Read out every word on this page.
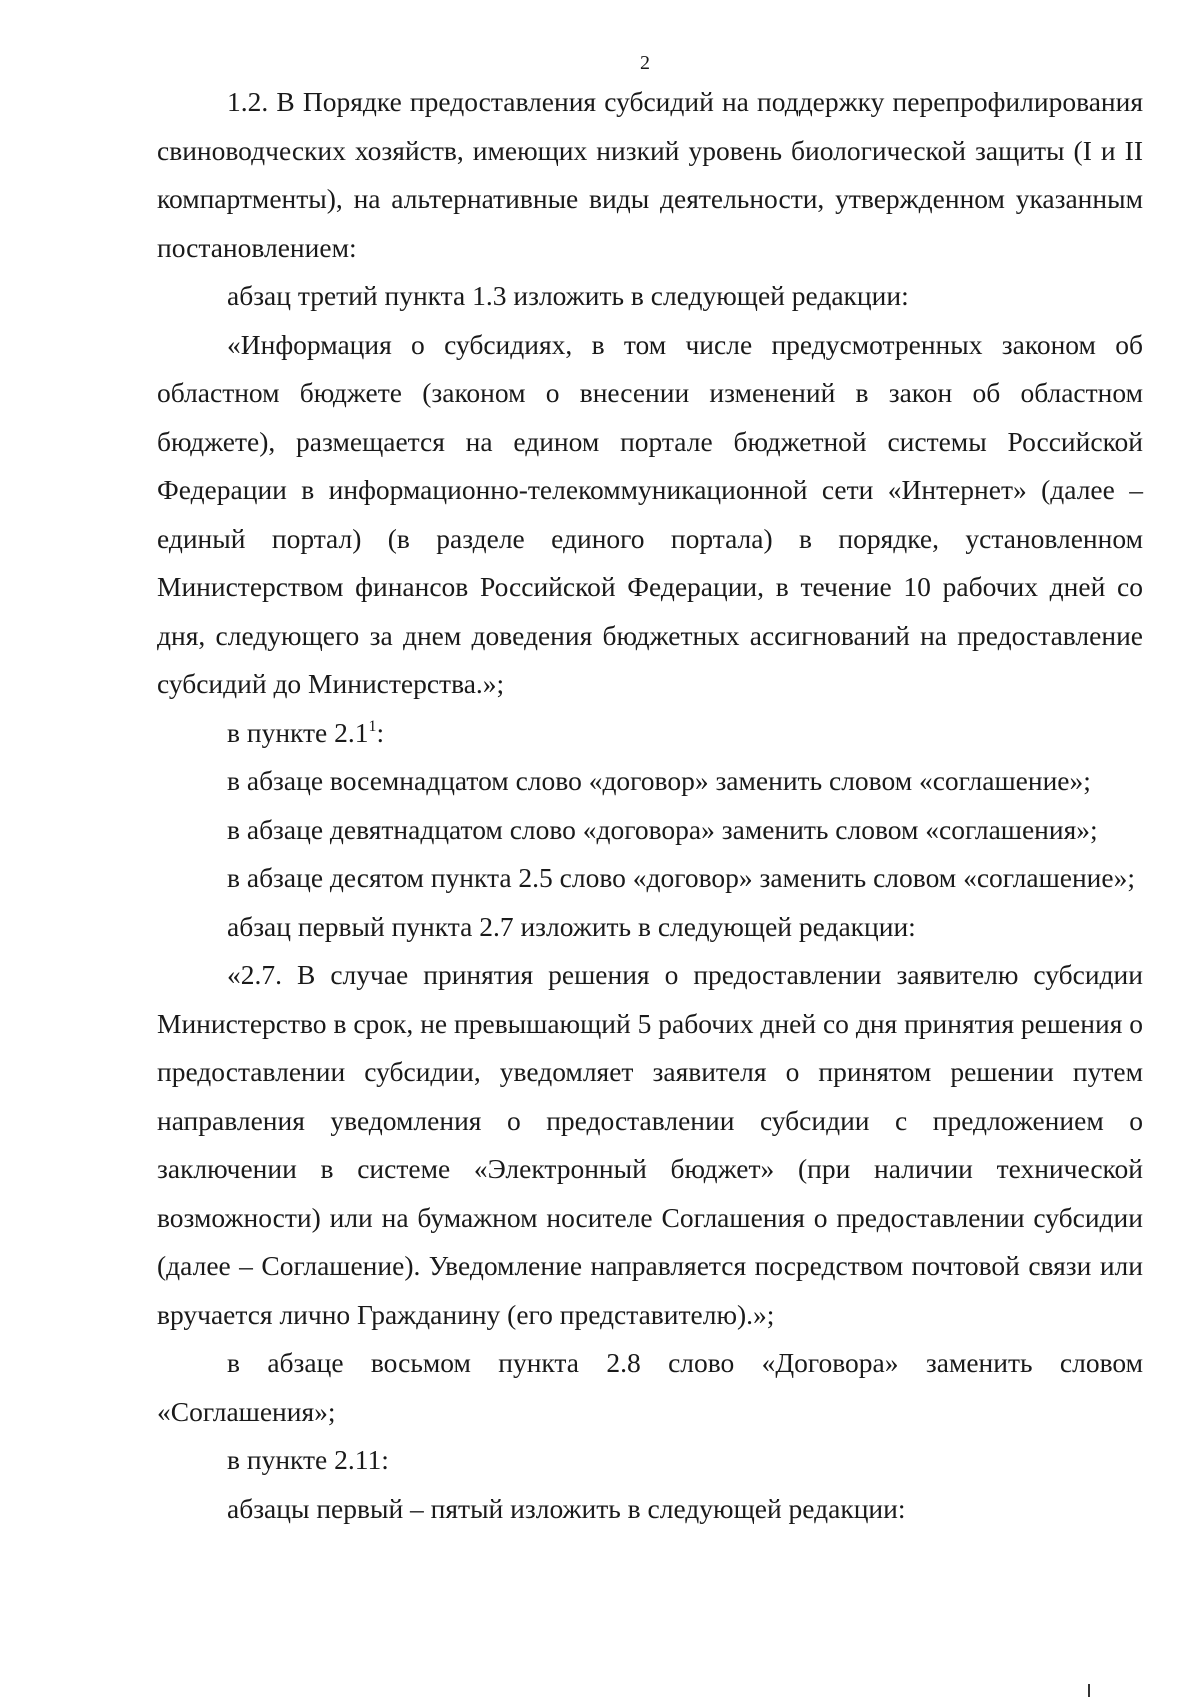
2

1.2. В Порядке предоставления субсидий на поддержку перепрофилирования свиноводческих хозяйств, имеющих низкий уровень биологической защиты (I и II компартменты), на альтернативные виды деятельности, утвержденном указанным постановлением:

абзац третий пункта 1.3 изложить в следующей редакции:

«Информация о субсидиях, в том числе предусмотренных законом об областном бюджете (законом о внесении изменений в закон об областном бюджете), размещается на едином портале бюджетной системы Российской Федерации в информационно-телекоммуникационной сети «Интернет» (далее – единый портал) (в разделе единого портала) в порядке, установленном Министерством финансов Российской Федерации, в течение 10 рабочих дней со дня, следующего за днем доведения бюджетных ассигнований на предоставление субсидий до Министерства.»;

в пункте $2.1^1$:

в абзаце восемнадцатом слово «договор» заменить словом «соглашение»;

в абзаце девятнадцатом слово «договора» заменить словом «соглашения»;

в абзаце десятом пункта 2.5 слово «договор» заменить словом «соглашение»;

абзац первый пункта 2.7 изложить в следующей редакции:

«2.7. В случае принятия решения о предоставлении заявителю субсидии Министерство в срок, не превышающий 5 рабочих дней со дня принятия решения о предоставлении субсидии, уведомляет заявителя о принятом решении путем направления уведомления о предоставлении субсидии с предложением о заключении в системе «Электронный бюджет» (при наличии технической возможности) или на бумажном носителе Соглашения о предоставлении субсидии (далее – Соглашение). Уведомление направляется посредством почтовой связи или вручается лично Гражданину (его представителю).»;

в абзаце восьмом пункта 2.8 слово «Договора» заменить словом «Соглашения»;

в пункте 2.11:

абзацы первый – пятый изложить в следующей редакции:
